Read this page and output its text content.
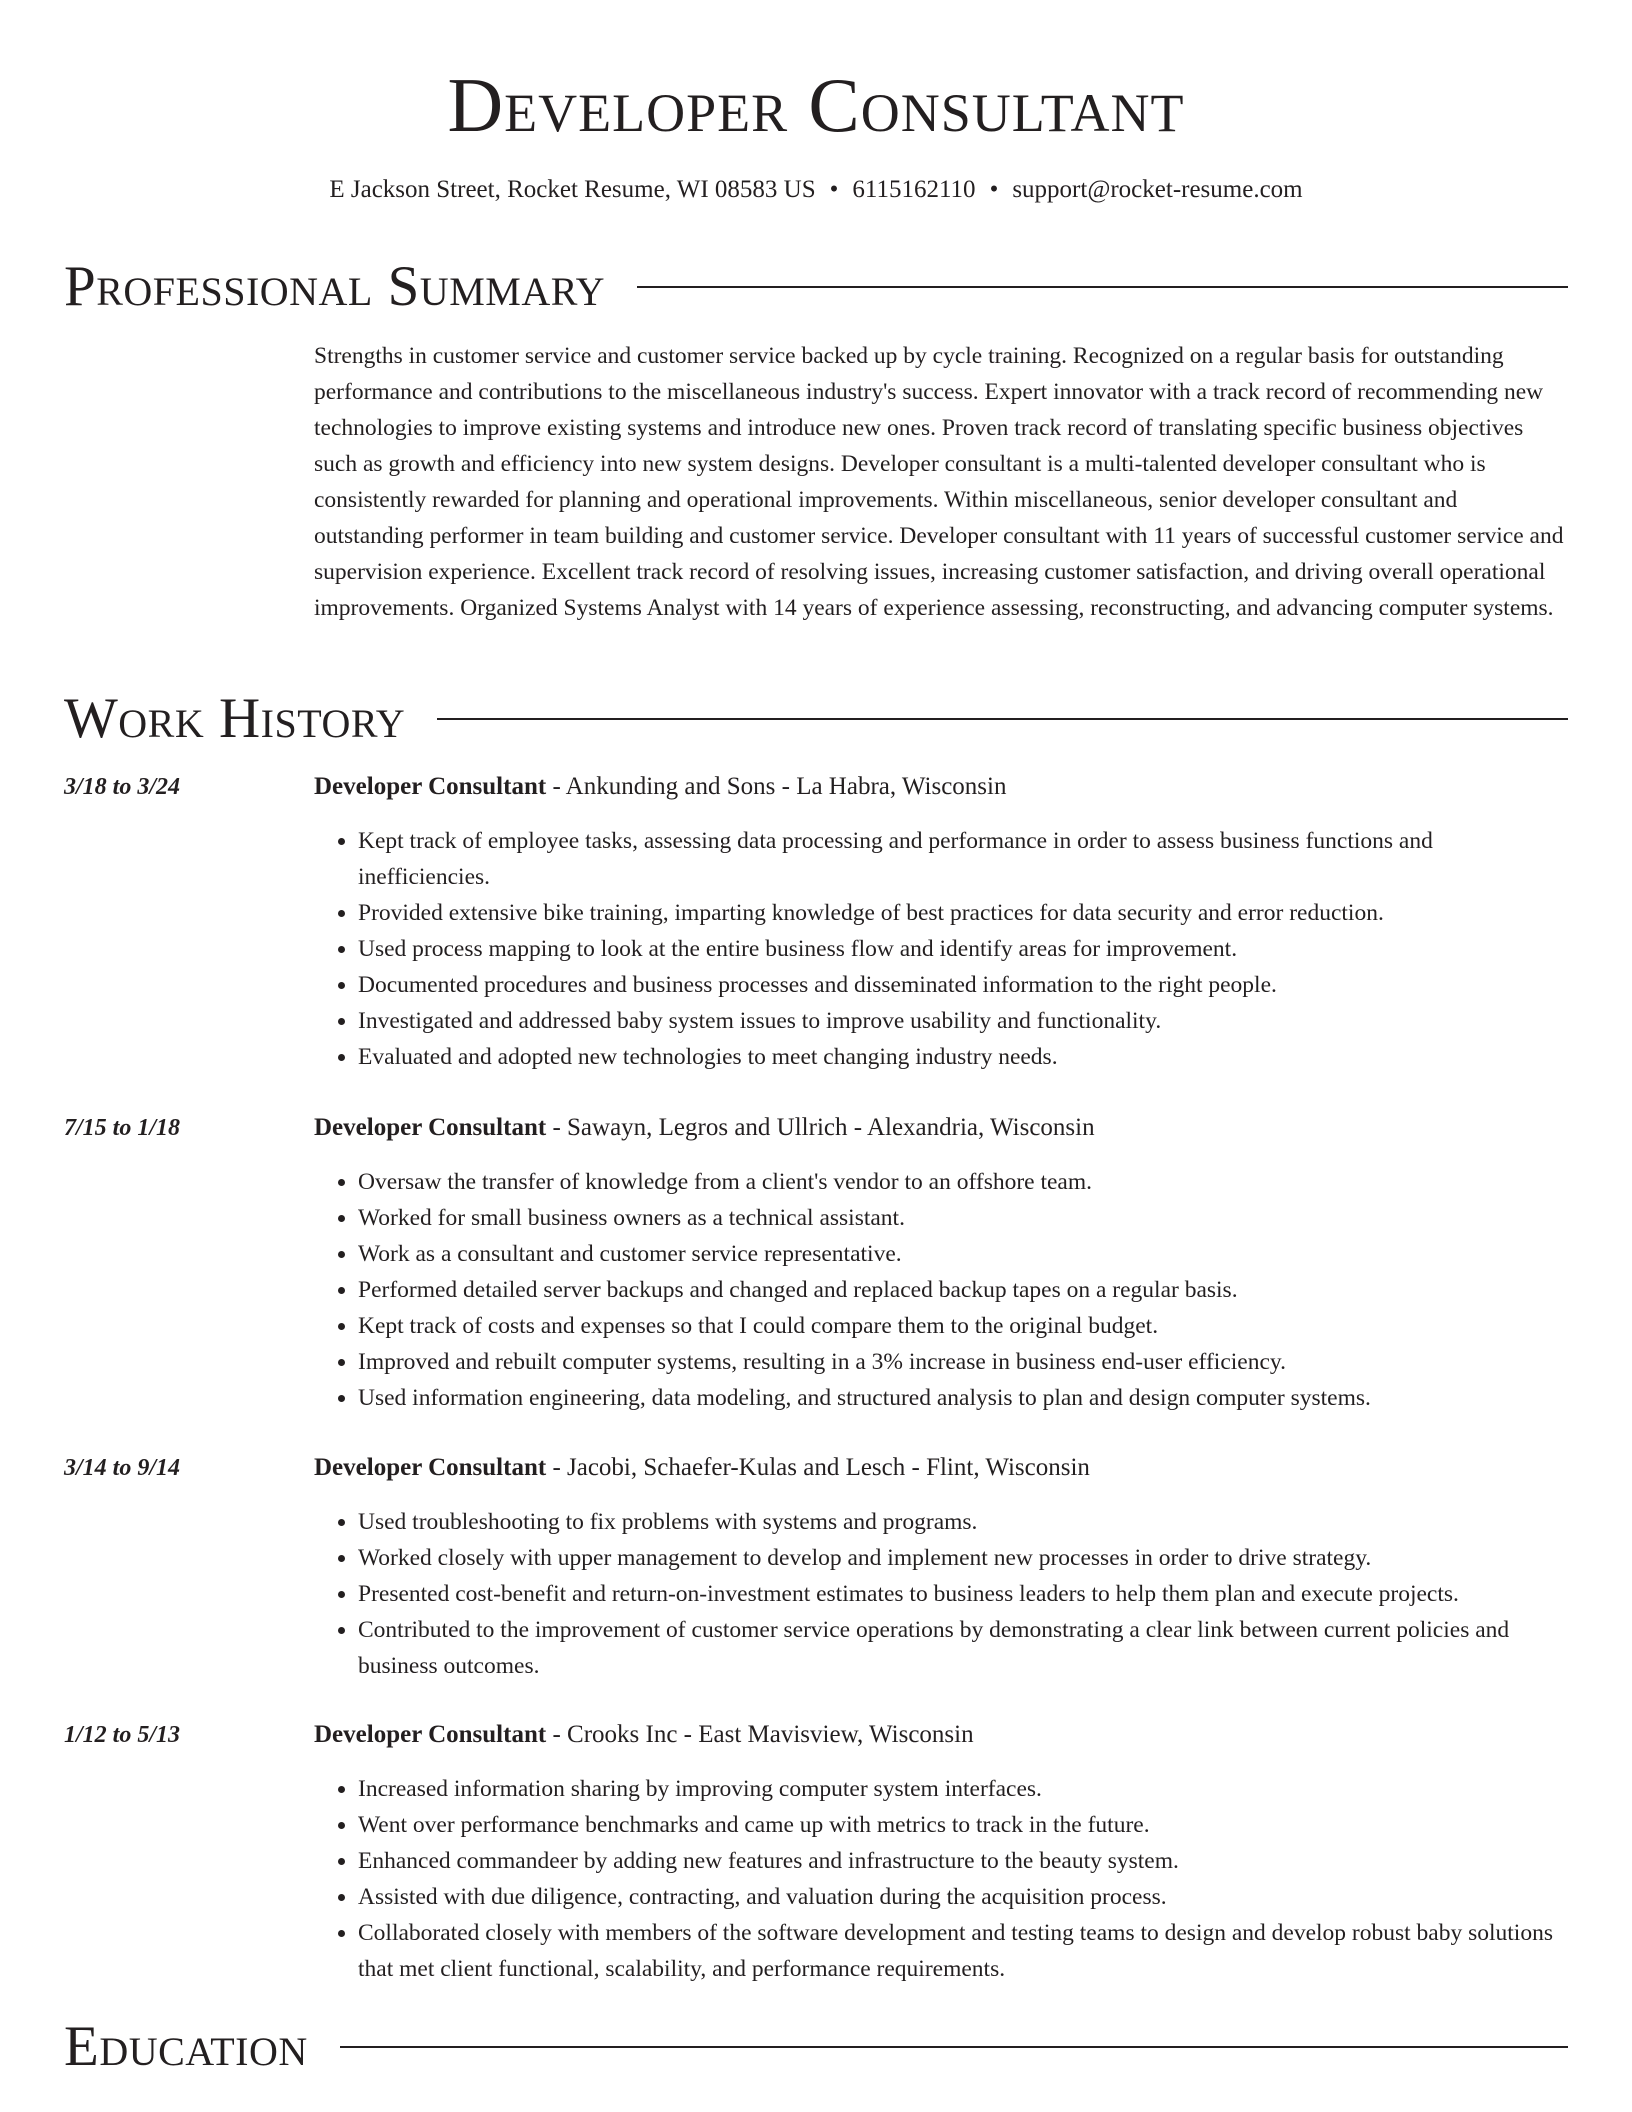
Developer Consultant
E Jackson Street, Rocket Resume, WI 08583 US • 6115162110 • support@rocket-resume.com
Professional Summary

Strengths in customer service and customer service backed up by cycle training. Recognized on a regular basis for outstanding performance and contributions to the miscellaneous industry's success. Expert innovator with a track record of recommending new technologies to improve existing systems and introduce new ones. Proven track record of translating specific business objectives such as growth and efficiency into new system designs. Developer consultant is a multi-talented developer consultant who is consistently rewarded for planning and operational improvements. Within miscellaneous, senior developer consultant and outstanding performer in team building and customer service. Developer consultant with 11 years of successful customer service and supervision experience. Excellent track record of resolving issues, increasing customer satisfaction, and driving overall operational improvements. Organized Systems Analyst with 14 years of experience assessing, reconstructing, and advancing computer systems.

Work History
3/18 to 3/24	Developer Consultant - Ankunding and Sons - La Habra, Wisconsin
• Kept track of employee tasks, assessing data processing and performance in order to assess business functions and inefficiencies.
• Provided extensive bike training, imparting knowledge of best practices for data security and error reduction.
• Used process mapping to look at the entire business flow and identify areas for improvement.
• Documented procedures and business processes and disseminated information to the right people.
• Investigated and addressed baby system issues to improve usability and functionality.
• Evaluated and adopted new technologies to meet changing industry needs.
7/15 to 1/18	Developer Consultant - Sawayn, Legros and Ullrich - Alexandria, Wisconsin
• Oversaw the transfer of knowledge from a client's vendor to an offshore team.
• Worked for small business owners as a technical assistant.
• Work as a consultant and customer service representative.
• Performed detailed server backups and changed and replaced backup tapes on a regular basis.
• Kept track of costs and expenses so that I could compare them to the original budget.
• Improved and rebuilt computer systems, resulting in a 3% increase in business end-user efficiency.
• Used information engineering, data modeling, and structured analysis to plan and design computer systems.
3/14 to 9/14	Developer Consultant - Jacobi, Schaefer-Kulas and Lesch - Flint, Wisconsin
• Used troubleshooting to fix problems with systems and programs.
• Worked closely with upper management to develop and implement new processes in order to drive strategy.
• Presented cost-benefit and return-on-investment estimates to business leaders to help them plan and execute projects.
• Contributed to the improvement of customer service operations by demonstrating a clear link between current policies and business outcomes.
1/12 to 5/13	Developer Consultant - Crooks Inc - East Mavisview, Wisconsin
• Increased information sharing by improving computer system interfaces.
• Went over performance benchmarks and came up with metrics to track in the future.
• Enhanced commandeer by adding new features and infrastructure to the beauty system.
• Assisted with due diligence, contracting, and valuation during the acquisition process.
• Collaborated closely with members of the software development and testing teams to design and develop robust baby solutions that met client functional, scalability, and performance requirements.
Education
